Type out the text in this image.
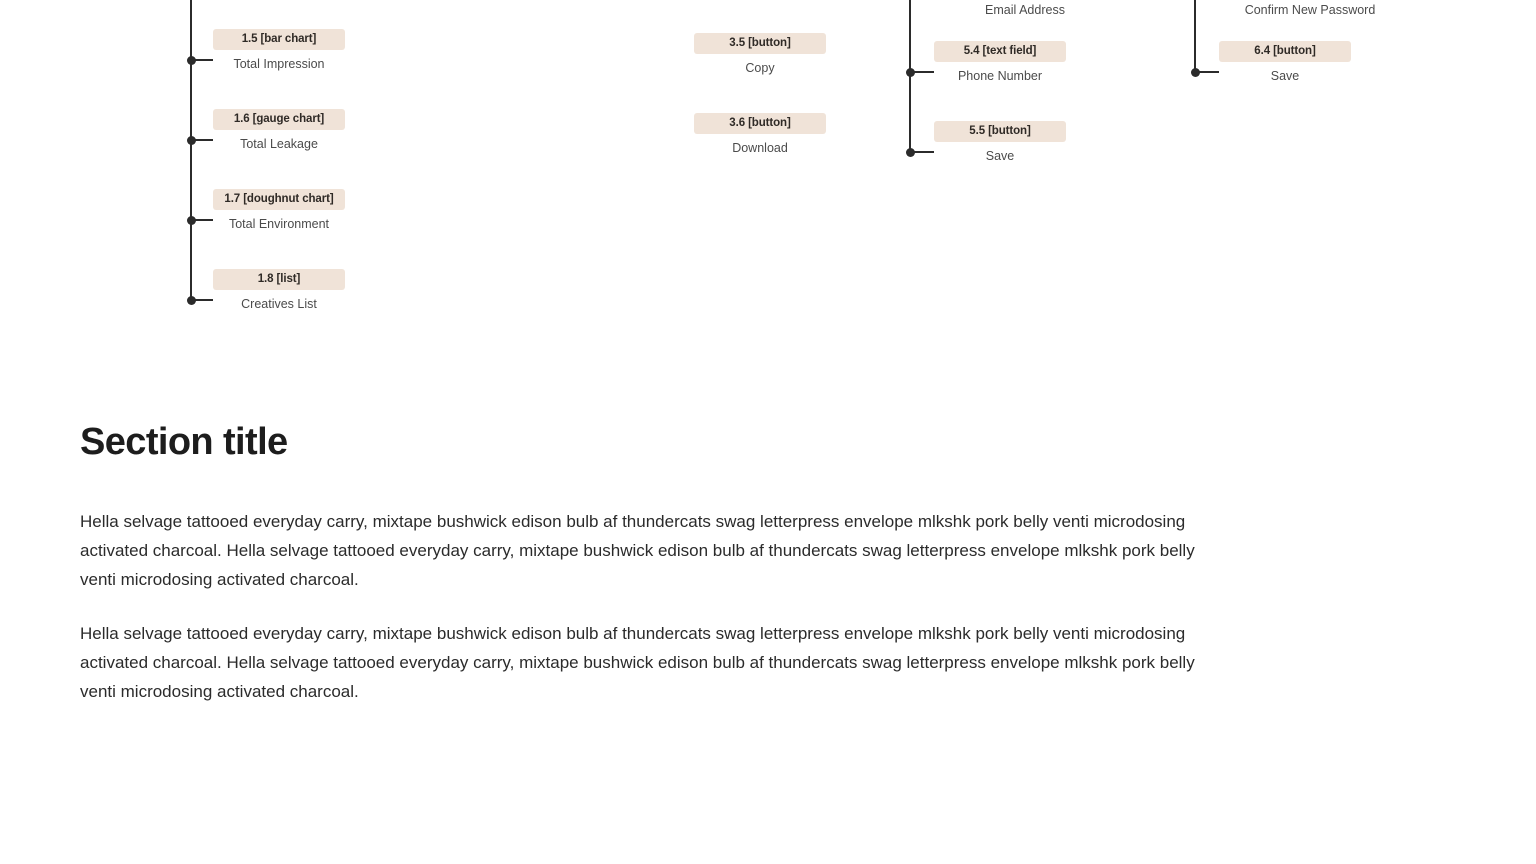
1.5 [bar chart]
Total Impression
1.6 [gauge chart]
Total Leakage
1.7 [doughnut chart]
Total Environment
1.8 [list]
Creatives List
3.5 [button]
Copy
3.6 [button]
Download
Email Address
5.4 [text field]
Phone Number
5.5 [button]
Save
Confirm New Password
6.4 [button]
Save
Section title

Hella selvage tattooed everyday carry, mixtape bushwick edison bulb af thundercats swag letterpress envelope mlkshk pork belly venti microdosing activated charcoal. Hella selvage tattooed everyday carry, mixtape bushwick edison bulb af thundercats swag letterpress envelope mlkshk pork belly venti microdosing activated charcoal.

Hella selvage tattooed everyday carry, mixtape bushwick edison bulb af thundercats swag letterpress envelope mlkshk pork belly venti microdosing activated charcoal. Hella selvage tattooed everyday carry, mixtape bushwick edison bulb af thundercats swag letterpress envelope mlkshk pork belly venti microdosing activated charcoal.
